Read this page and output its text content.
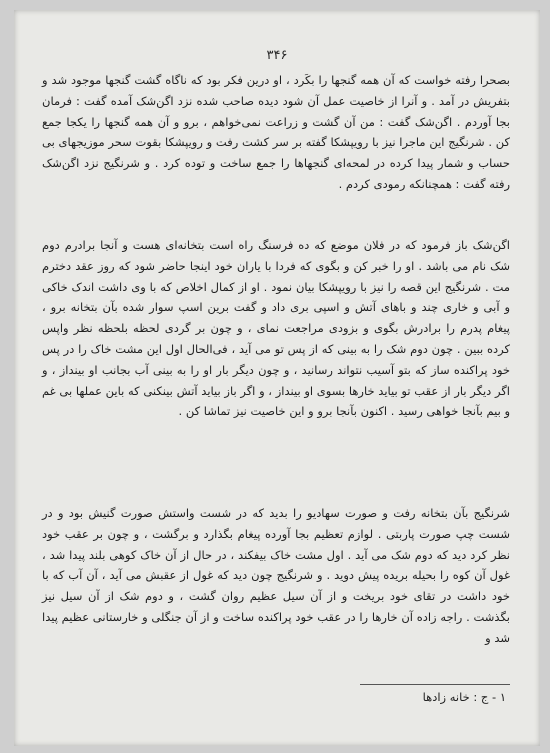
۳۴۶
بصحرا رفته خواست که آن همه گنجها را بکَرد ، او درین فکر بود که ناگاه گشت گنجها موجود شد و بتفریش در آمد . و آنرا از خاصیت عمل آن شود دیده صاحب شده نزد اگن‌شک آمده گفت : فرمان بجا آوردم . اگن‌شک گفت : من آن گشت و زراعت نمی‌خواهم ، برو و آن همه گنجها را یکجا جمع کن . شرنگیج این ماجرا نیز با رویپشکا گفته بر سر کشت رفت و رویپشکا بقوت سحر موزیجهای بی حساب و شمار پیدا کرده در لمحه‌ای گنجهاها را جمع ساخت و توده کرد . و شرنگیج نزد اگن‌شک رفته گفت : همچنانکه رمودی کردم .
اگن‌شک باز فرمود که در فلان موضع که ده فرسنگ راه است بتخانه‌ای هست و آنجا برادرم دوم شک نام می باشد . او را خبر کن و بگوی که فردا با یاران خود اینجا حاضر شود که روز عقد دخترم مت . شرنگیج این قصه را نیز با رویپشکا بیان نمود . او از کمال اخلاص که با وی داشت اندک خاکی و آبی و خاری چند و باهای آتش و اسپی بری داد و گفت برین اسپ سوار شده بآن بتخانه برو ، پیغام پدرم را برادرش بگوی و بزودی مراجعت نمای ، و چون بر گردی لحظه بلحظه نظر واپس کرده ببین . چون دوم شک را به بینی که از پس تو می آید ، فی‌الحال اول این مشت خاک را در پس خود پراکنده ساز که بتو آسیب نتواند رسانید ، و چون دیگر بار او را به بینی آب بجانب او بینداز ، و اگر دیگر بار از عقب تو بیاید خارها بسوی او بینداز ، و اگر باز بیاید آتش بینکنی که باین عملها بی غم و بیم بآنجا خواهی رسید . اکنون بآنجا برو و این خاصیت نیز تماشا کن .
شرنگیج بآن بتخانه رفت و صورت سهادیو را بدید که در شست واستش صورت گنیش بود و در شست چپ صورت پاربتی . لوازم تعظیم بجا آورده پیغام بگذارد و برگشت ، و چون بر عقب خود نظر کرد دید که دوم شک می آید . اول مشت خاک بیفکند ، در حال از آن خاک کوهی بلند پیدا شد ، غول آن کوه را بحیله بریده پیش دوید . و شرنگیج چون دید که غول از عقبش می آید ، آن آب که با خود داشت در تقای خود بریخت و از آن سیل عظیم روان گشت ، و دوم شک از آن سیل نیز بگذشت . راجه زاده آن خارها را در عقب خود پراکنده ساخت و از آن جنگلی و خارستانی عظیم پیدا شد و
۱ - ج : خانه زادها
